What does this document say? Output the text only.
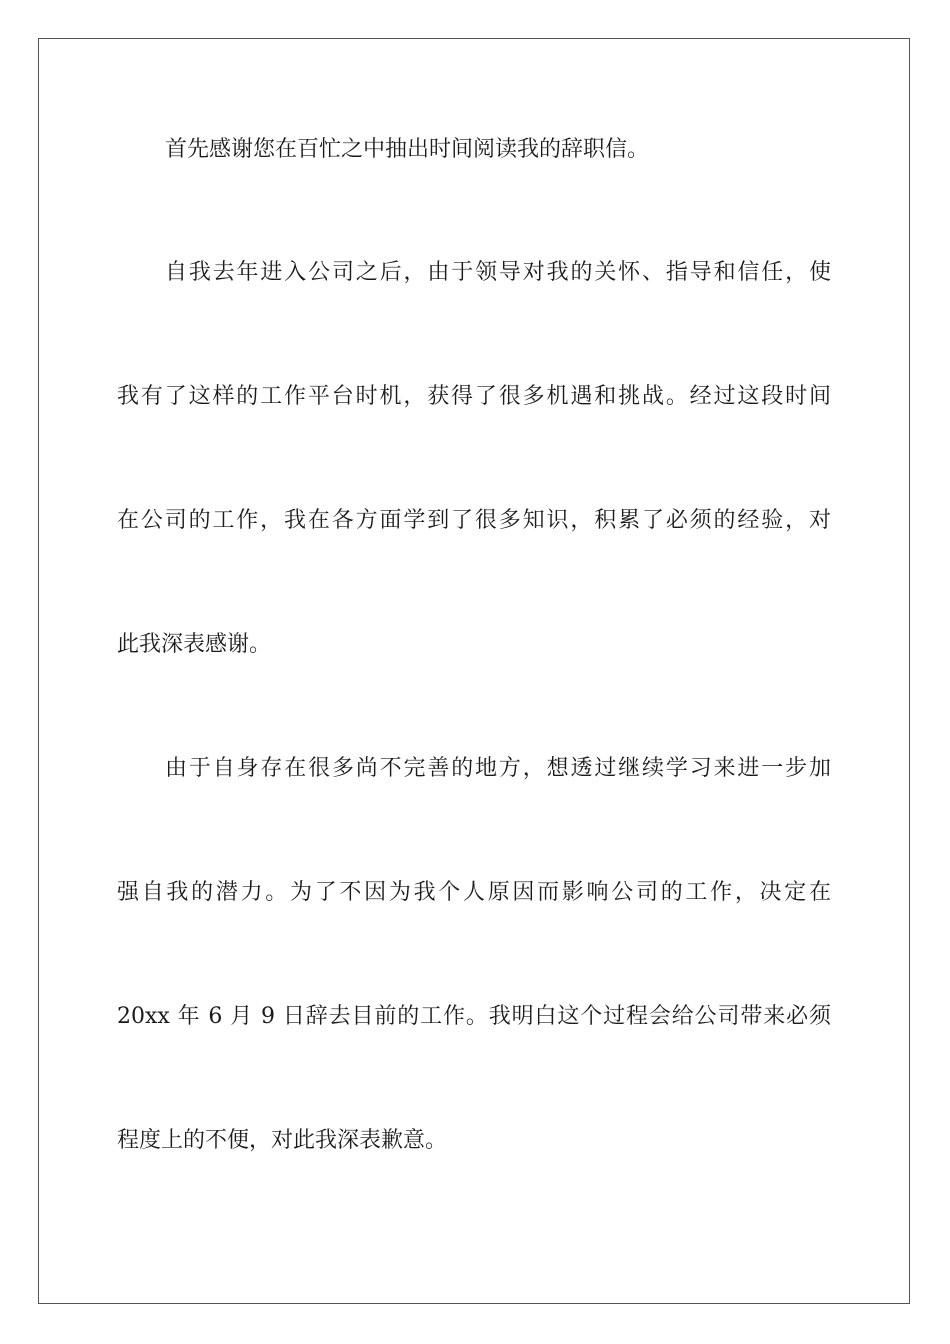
首先感谢您在百忙之中抽出时间阅读我的辞职信。
自我去年进入公司之后，由于领导对我的关怀、指导和信任，使
我有了这样的工作平台时机，获得了很多机遇和挑战。经过这段时间
在公司的工作，我在各方面学到了很多知识，积累了必须的经验，对
此我深表感谢。
由于自身存在很多尚不完善的地方，想透过继续学习来进一步加
强自我的潜力。为了不因为我个人原因而影响公司的工作，决定在
20xx 年 6 月 9 日辞去目前的工作。我明白这个过程会给公司带来必须
程度上的不便，对此我深表歉意。
